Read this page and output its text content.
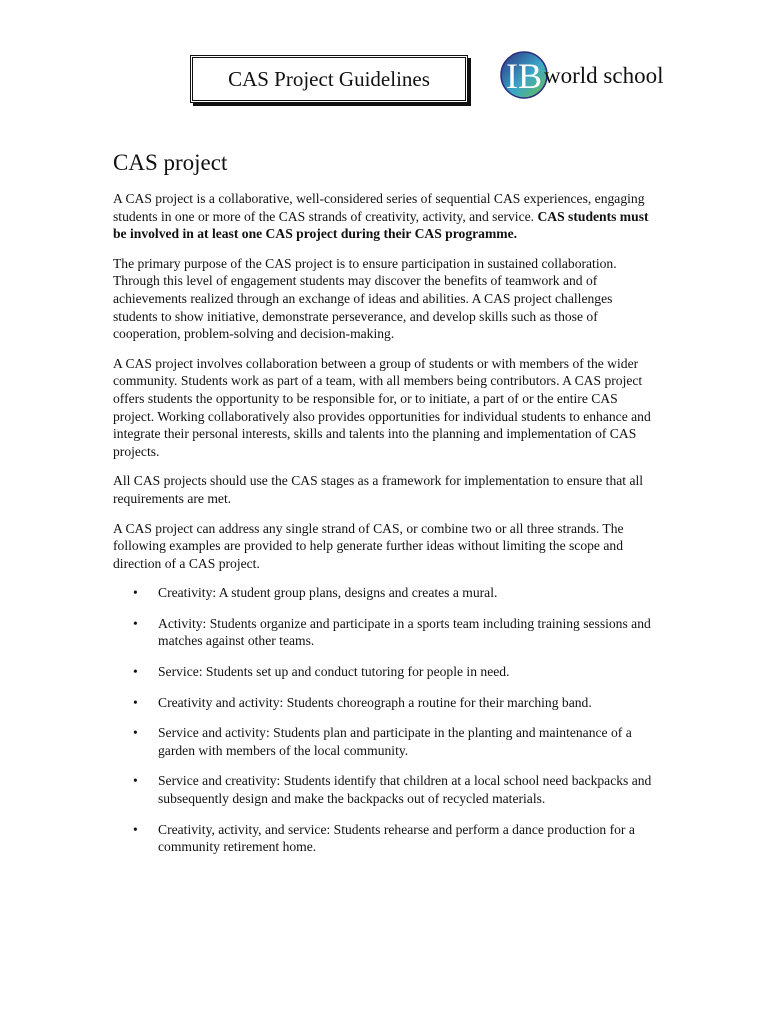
CAS Project Guidelines IB world school
CAS project

A CAS project is a collaborative, well-considered series of sequential CAS experiences, engaging students in one or more of the CAS strands of creativity, activity, and service. CAS students must be involved in at least one CAS project during their CAS programme.

The primary purpose of the CAS project is to ensure participation in sustained collaboration. Through this level of engagement students may discover the benefits of teamwork and of achievements realized through an exchange of ideas and abilities. A CAS project challenges students to show initiative, demonstrate perseverance, and develop skills such as those of cooperation, problem-solving and decision-making.

A CAS project involves collaboration between a group of students or with members of the wider community. Students work as part of a team, with all members being contributors. A CAS project offers students the opportunity to be responsible for, or to initiate, a part of or the entire CAS project. Working collaboratively also provides opportunities for individual students to enhance and integrate their personal interests, skills and talents into the planning and implementation of CAS projects.

All CAS projects should use the CAS stages as a framework for implementation to ensure that all requirements are met.

A CAS project can address any single strand of CAS, or combine two or all three strands. The following examples are provided to help generate further ideas without limiting the scope and direction of a CAS project.

• Creativity: A student group plans, designs and creates a mural.
• Activity: Students organize and participate in a sports team including training sessions and matches against other teams.
• Service: Students set up and conduct tutoring for people in need.
• Creativity and activity: Students choreograph a routine for their marching band.
• Service and activity: Students plan and participate in the planting and maintenance of a garden with members of the local community.
• Service and creativity: Students identify that children at a local school need backpacks and subsequently design and make the backpacks out of recycled materials.
• Creativity, activity, and service: Students rehearse and perform a dance production for a community retirement home.
